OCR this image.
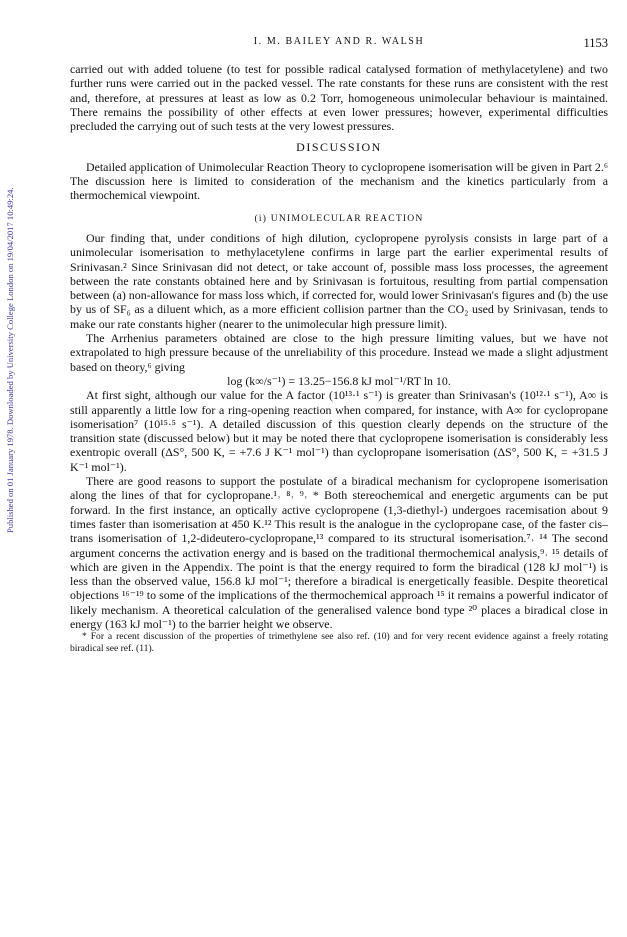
Published on 01 January 1978. Downloaded by University College London on 19/04/2017 10:49:24.
I. M. BAILEY AND R. WALSH	1153

carried out with added toluene (to test for possible radical catalysed formation of methylacetylene) and two further runs were carried out in the packed vessel. The rate constants for these runs are consistent with the rest and, therefore, at pressures at least as low as 0.2 Torr, homogeneous unimolecular behaviour is maintained. There remains the possibility of other effects at even lower pressures; however, experimental difficulties precluded the carrying out of such tests at the very lowest pressures.

DISCUSSION

Detailed application of Unimolecular Reaction Theory to cyclopropene isomerisation will be given in Part 2.⁶ The discussion here is limited to consideration of the mechanism and the kinetics particularly from a thermochemical viewpoint.

(i) UNIMOLECULAR REACTION

Our finding that, under conditions of high dilution, cyclopropene pyrolysis consists in large part of a unimolecular isomerisation to methylacetylene confirms in large part the earlier experimental results of Srinivasan.² Since Srinivasan did not detect, or take account of, possible mass loss processes, the agreement between the rate constants obtained here and by Srinivasan is fortuitous, resulting from partial compensation between (a) non-allowance for mass loss which, if corrected for, would lower Srinivasan's figures and (b) the use by us of SF₆ as a diluent which, as a more efficient collision partner than the CO₂ used by Srinivasan, tends to make our rate constants higher (nearer to the unimolecular high pressure limit).

The Arrhenius parameters obtained are close to the high pressure limiting values, but we have not extrapolated to high pressure because of the unreliability of this procedure. Instead we made a slight adjustment based on theory,⁶ giving

log (k∞/s⁻¹) = 13.25−156.8 kJ mol⁻¹/RT ln 10.

At first sight, although our value for the A factor (10¹³·¹ s⁻¹) is greater than Srinivasan's (10¹²·¹ s⁻¹), A∞ is still apparently a little low for a ring-opening reaction when compared, for instance, with A∞ for cyclopropane isomerisation⁷ (10¹⁵·⁵ s⁻¹). A detailed discussion of this question clearly depends on the structure of the transition state (discussed below) but it may be noted there that cyclopropene isomerisation is considerably less exentropic overall (ΔS°, 500 K, = +7.6 J K⁻¹ mol⁻¹) than cyclopropane isomerisation (ΔS°, 500 K, = +31.5 J K⁻¹ mol⁻¹).

There are good reasons to support the postulate of a biradical mechanism for cyclopropene isomerisation along the lines of that for cyclopropane.¹˒ ⁸˒ ⁹˒ * Both stereochemical and energetic arguments can be put forward. In the first instance, an optically active cyclopropene (1,3-diethyl-) undergoes racemisation about 9 times faster than isomerisation at 450 K.¹² This result is the analogue in the cyclopropane case, of the faster cis–trans isomerisation of 1,2-dideutero-cyclopropane,¹³ compared to its structural isomerisation.⁷˒ ¹⁴ The second argument concerns the activation energy and is based on the traditional thermochemical analysis,⁹˒ ¹⁵ details of which are given in the Appendix. The point is that the energy required to form the biradical (128 kJ mol⁻¹) is less than the observed value, 156.8 kJ mol⁻¹; therefore a biradical is energetically feasible. Despite theoretical objections ¹⁶⁻¹⁹ to some of the implications of the thermochemical approach ¹⁵ it remains a powerful indicator of likely mechanism. A theoretical calculation of the generalised valence bond type ²⁰ places a biradical close in energy (163 kJ mol⁻¹) to the barrier height we observe.

* For a recent discussion of the properties of trimethylene see also ref. (10) and for very recent evidence against a freely rotating biradical see ref. (11).
